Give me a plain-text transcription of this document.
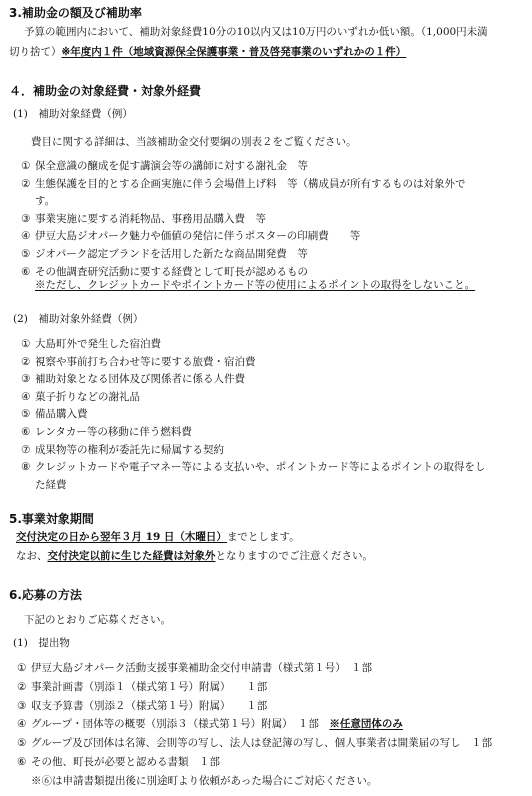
3.補助金の額及び補助率
予算の範囲内において、補助対象経費10分の10以内又は10万円のいずれか低い額。（1,000円未満
切り捨て）※年度内１件（地域資源保全保護事業・普及啓発事業のいずれかの１件）
４．補助金の対象経費・対象外経費
(1)　補助対象経費（例）
費目に関する詳細は、当該補助金交付要綱の別表２をご覧ください。
① 保全意識の醸成を促す講演会等の講師に対する謝礼金　等
② 生態保護を目的とする企画実施に伴う会場借上げ料　等（構成員が所有するものは対象外で
す。
③ 事業実施に要する消耗物品、事務用品購入費　等
④ 伊豆大島ジオパーク魅力や価値の発信に伴うポスターの印刷費　　等
⑤ ジオパーク認定ブランドを活用した新たな商品開発費　等
⑥ その他調査研究活動に要する経費として町長が認めるもの
※ただし、クレジットカードやポイントカード等の使用によるポイントの取得をしないこと。
(2)　補助対象外経費（例）
① 大島町外で発生した宿泊費
② 視察や事前打ち合わせ等に要する旅費・宿泊費
③ 補助対象となる団体及び関係者に係る人件費
④ 菓子折りなどの謝礼品
⑤ 備品購入費
⑥ レンタカー等の移動に伴う燃料費
⑦ 成果物等の権利が委託先に帰属する契約
⑧ クレジットカードや電子マネー等による支払いや、ポイントカード等によるポイントの取得をし
た経費
5.事業対象期間
交付決定の日から翌年３月 19 日（木曜日）までとします。
なお、交付決定以前に生じた経費は対象外となりますのでご注意ください。
6.応募の方法
下記のとおりご応募ください。
(1)　提出物
① 伊豆大島ジオパーク活動支援事業補助金交付申請書（様式第１号）　１部
② 事業計画書（別添１（様式第１号）附属）　　１部
③ 収支予算書（別添２（様式第１号）附属）　　１部
④ グループ・団体等の概要（別添３（様式第１号）附属）　１部　※任意団体のみ
⑤ グループ及び団体は名簿、会則等の写し、法人は登記簿の写し、個人事業者は開業届の写し　１部
⑥ その他、町長が必要と認める書類　１部
※⑥は申請書類提出後に別途町より依頼があった場合にご対応ください。
